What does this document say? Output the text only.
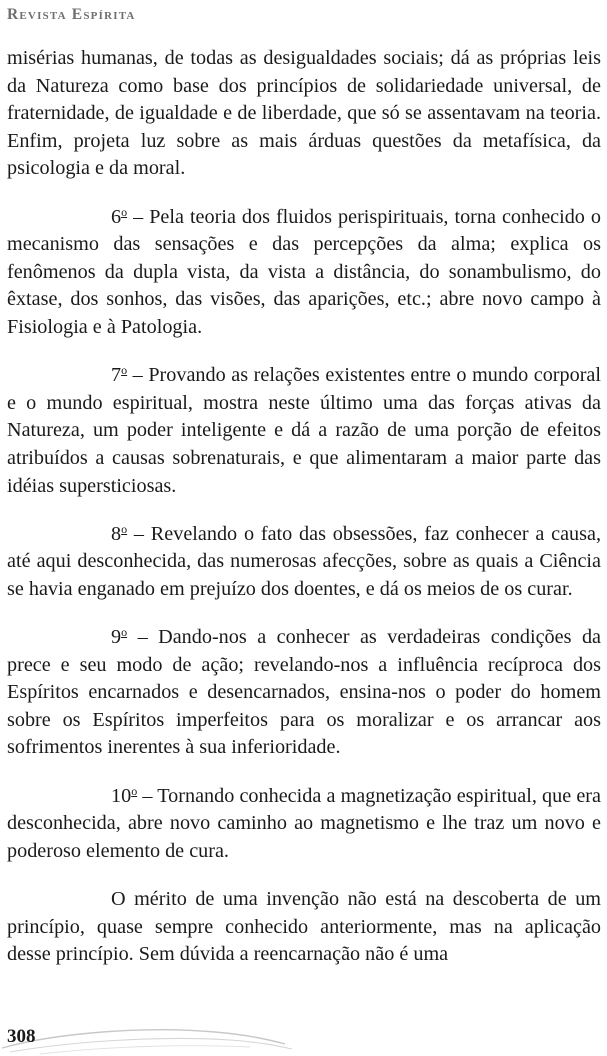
Revista Espírita

misérias humanas, de todas as desigualdades sociais; dá as próprias leis da Natureza como base dos princípios de solidariedade universal, de fraternidade, de igualdade e de liberdade, que só se assentavam na teoria. Enfim, projeta luz sobre as mais árduas questões da metafísica, da psicologia e da moral.

6$^o$ – Pela teoria dos fluidos perispirituais, torna conhecido o mecanismo das sensações e das percepções da alma; explica os fenômenos da dupla vista, da vista a distância, do sonambulismo, do êxtase, dos sonhos, das visões, das aparições, etc.; abre novo campo à Fisiologia e à Patologia.

7$^o$ – Provando as relações existentes entre o mundo corporal e o mundo espiritual, mostra neste último uma das forças ativas da Natureza, um poder inteligente e dá a razão de uma porção de efeitos atribuídos a causas sobrenaturais, e que alimentaram a maior parte das idéias supersticiosas.

8$^o$ – Revelando o fato das obsessões, faz conhecer a causa, até aqui desconhecida, das numerosas afecções, sobre as quais a Ciência se havia enganado em prejuízo dos doentes, e dá os meios de os curar.

9$^o$ – Dando-nos a conhecer as verdadeiras condições da prece e seu modo de ação; revelando-nos a influência recíproca dos Espíritos encarnados e desencarnados, ensina-nos o poder do homem sobre os Espíritos imperfeitos para os moralizar e os arrancar aos sofrimentos inerentes à sua inferioridade.

10$^o$ – Tornando conhecida a magnetização espiritual, que era desconhecida, abre novo caminho ao magnetismo e lhe traz um novo e poderoso elemento de cura.

O mérito de uma invenção não está na descoberta de um princípio, quase sempre conhecido anteriormente, mas na aplicação desse princípio. Sem dúvida a reencarnação não é uma

308
